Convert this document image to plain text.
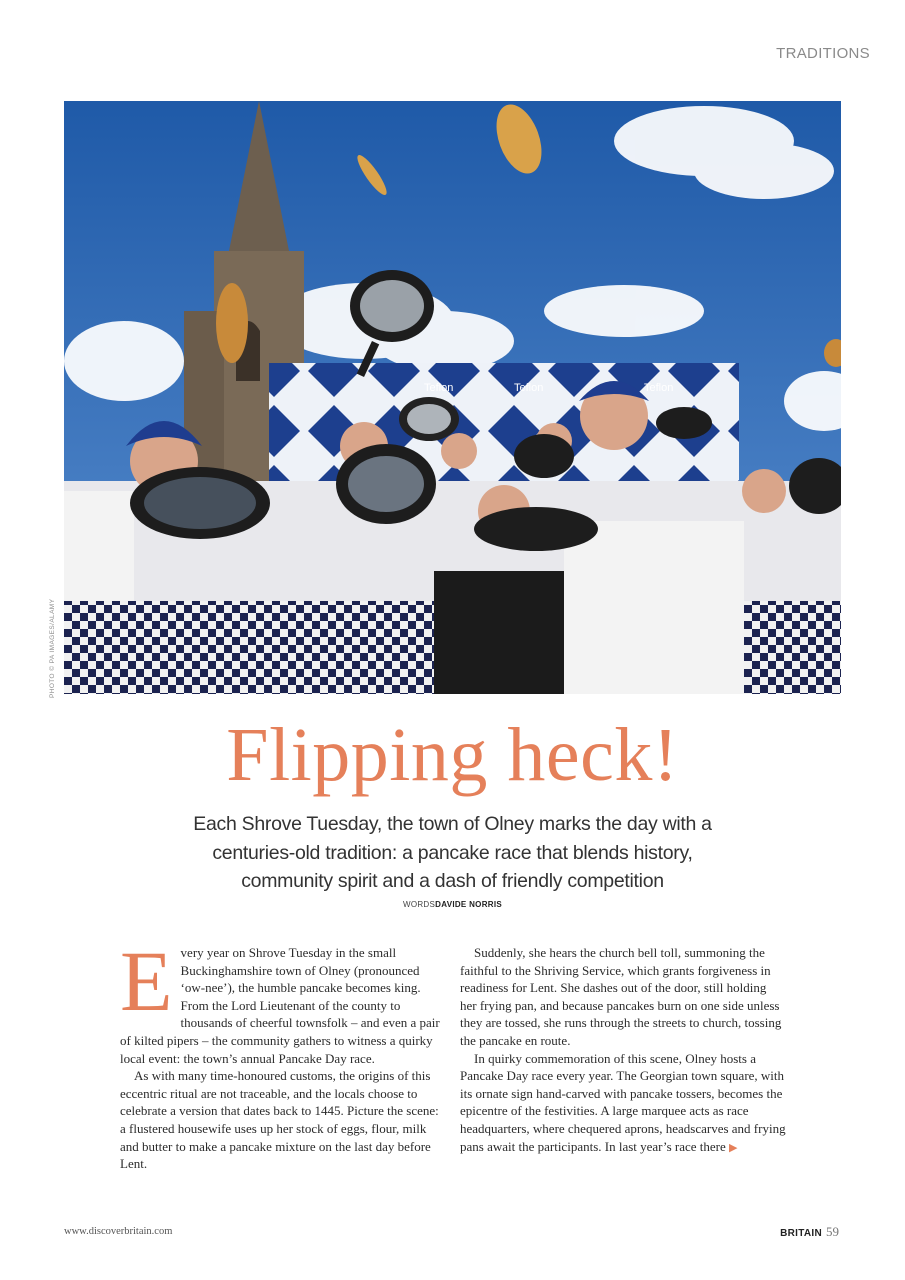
TRADITIONS
Teflon	Teflon	Teflon
PHOTO © PA IMAGES/ALAMY
Flipping heck!
Each Shrove Tuesday, the town of Olney marks the day with a centuries-old tradition: a pancake race that blends history, community spirit and a dash of friendly competition
WORDSDAVIDE NORRIS

Every year on Shrove Tuesday in the small Buckinghamshire town of Olney (pronounced ‘ow-nee’), the humble pancake becomes king. From the Lord Lieutenant of the county to thousands of cheerful townsfolk – and even a pair of kilted pipers – the community gathers to witness a quirky local event: the town’s annual Pancake Day race.

As with many time-honoured customs, the origins of this eccentric ritual are not traceable, and the locals choose to celebrate a version that dates back to 1445. Picture the scene: a flustered housewife uses up her stock of eggs, flour, milk and butter to make a pancake mixture on the last day before Lent.

Suddenly, she hears the church bell toll, summoning the faithful to the Shriving Service, which grants forgiveness in readiness for Lent. She dashes out of the door, still holding her frying pan, and because pancakes burn on one side unless they are tossed, she runs through the streets to church, tossing the pancake en route.

In quirky commemoration of this scene, Olney hosts a Pancake Day race every year. The Georgian town square, with its ornate sign hand-carved with pancake tossers, becomes the epicentre of the festivities. A large marquee acts as race headquarters, where chequered aprons, headscarves and frying pans await the participants. In last year’s race there ▶

www.discoverbritain.com	BRITAIN 59
